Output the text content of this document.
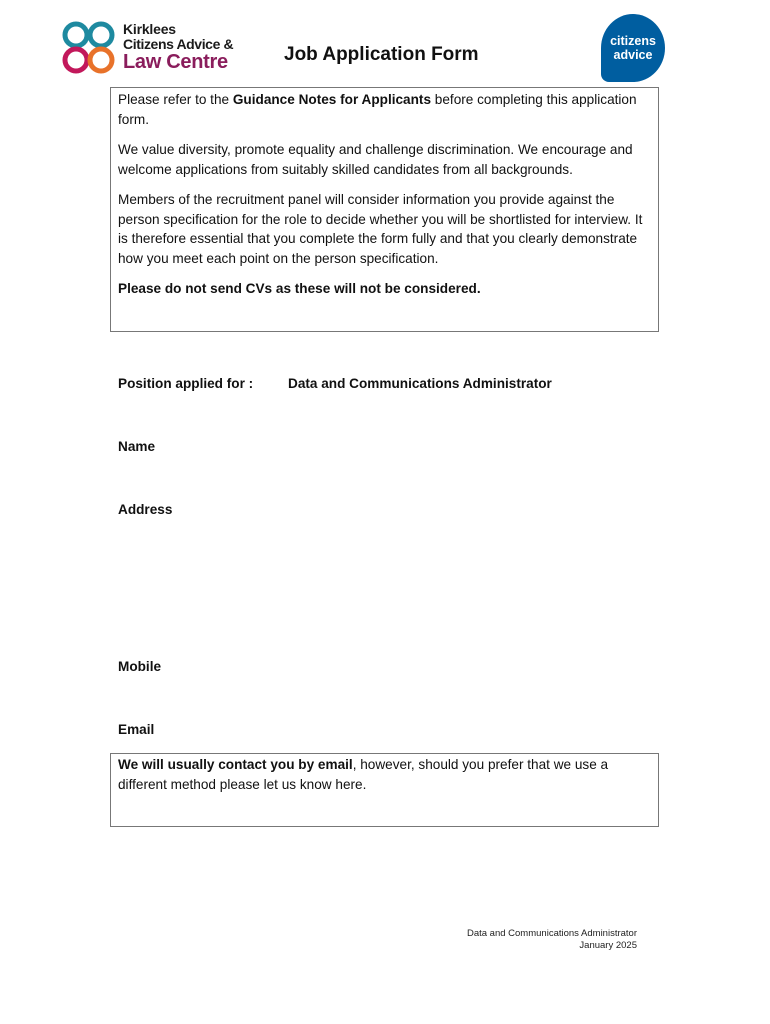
Kirklees
Citizens Advice &
Law Centre	Job Application Form
citizens
advice

Please refer to the Guidance Notes for Applicants before completing this application form.

We value diversity, promote equality and challenge discrimination. We encourage and welcome applications from suitably skilled candidates from all backgrounds.

Members of the recruitment panel will consider information you provide against the person specification for the role to decide whether you will be shortlisted for interview. It is therefore essential that you complete the form fully and that you clearly demonstrate how you meet each point on the person specification.

Please do not send CVs as these will not be considered.

Position applied for :	Data and Communications Administrator
Name
Address
Mobile
Email

We will usually contact you by email, however, should you prefer that we use a different method please let us know here.

Data and Communications Administrator
January 2025
